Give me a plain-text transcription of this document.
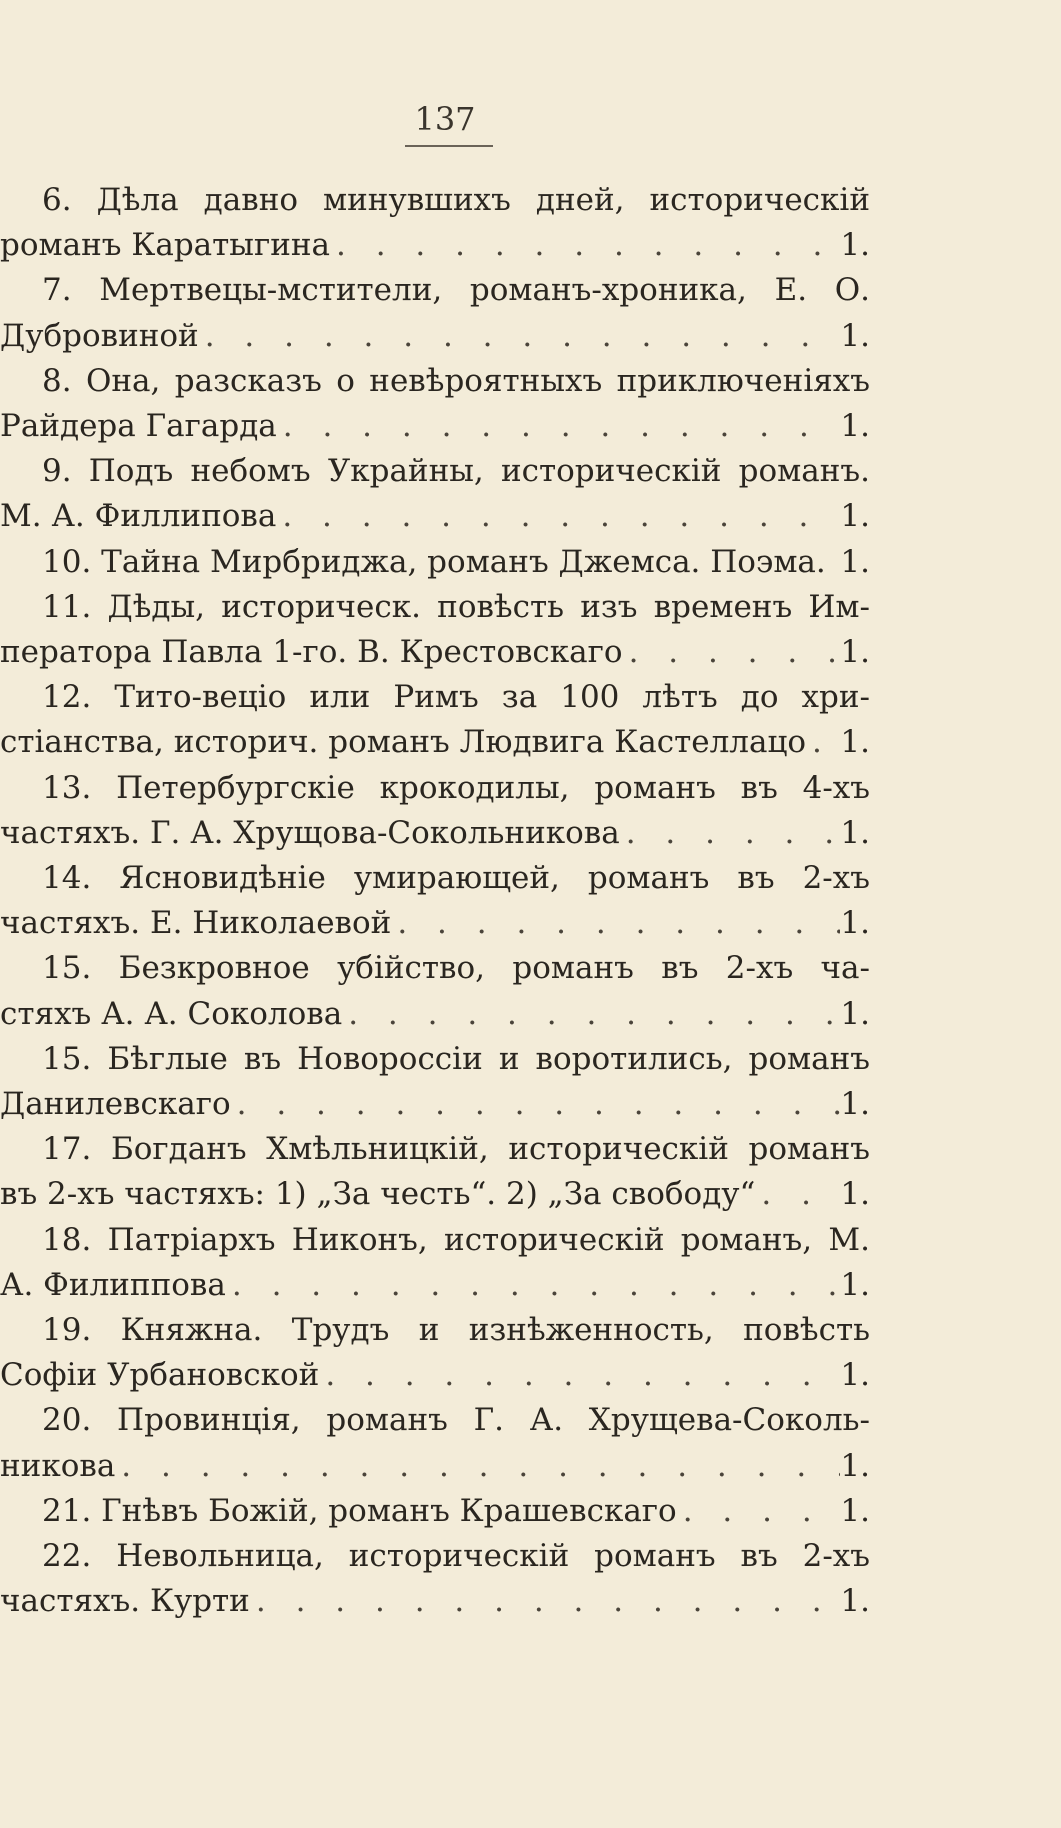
137
6. Дѣла давно минувшихъ дней, историческій
романъ Каратыгина . . .	1.
7. Мертвецы-мстители, романъ-хроника, Е. О.
Дубровиной . . .	1.
8. Она, разсказъ о невѣроятныхъ приключеніяхъ
Райдера Гагарда . . .	1.
9. Подъ небомъ Украйны, историческій романъ.
М. А. Филлипова . . .	1.
10. Тайна Мирбриджа, романъ Джемса. Поэма. 1.
11. Дѣды, историческ. повѣсть изъ временъ Им-
ператора Павла 1-го. В. Крестовскаго . . .	1.
12. Тито-веціо или Римъ за 100 лѣтъ до хри-
стіанства, историч. романъ Людвига Кастеллацо . . . 1.
13. Петербургскіе крокодилы, романъ въ 4-хъ
частяхъ. Г. А. Хрущова-Сокольникова . . .	1.
14. Ясновидѣніе умирающей, романъ въ 2-хъ
частяхъ. Е. Николаевой . . .	1.
15. Безкровное убійство, романъ въ 2-хъ ча-
стяхъ А. А. Соколова . . .	1.
15. Бѣглые въ Новороссіи и воротились, романъ
Данилевскаго . . .	1.
17. Богданъ Хмѣльницкій, историческій романъ
въ 2-хъ частяхъ: 1) „За честь“. 2) „За свободу“ . . .	1.
18. Патріархъ Никонъ, историческій романъ, М.
А. Филиппова . . .	1.
19. Княжна. Трудъ и изнѣженность, повѣсть
Софіи Урбановской . . .	1.
20. Провинція, романъ Г. А. Хрущева-Соколь-
никова . . .	1.
21. Гнѣвъ Божій, романъ Крашевскаго . . .	1.
22. Невольница, историческій романъ въ 2-хъ
частяхъ. Курти . . .	1.
